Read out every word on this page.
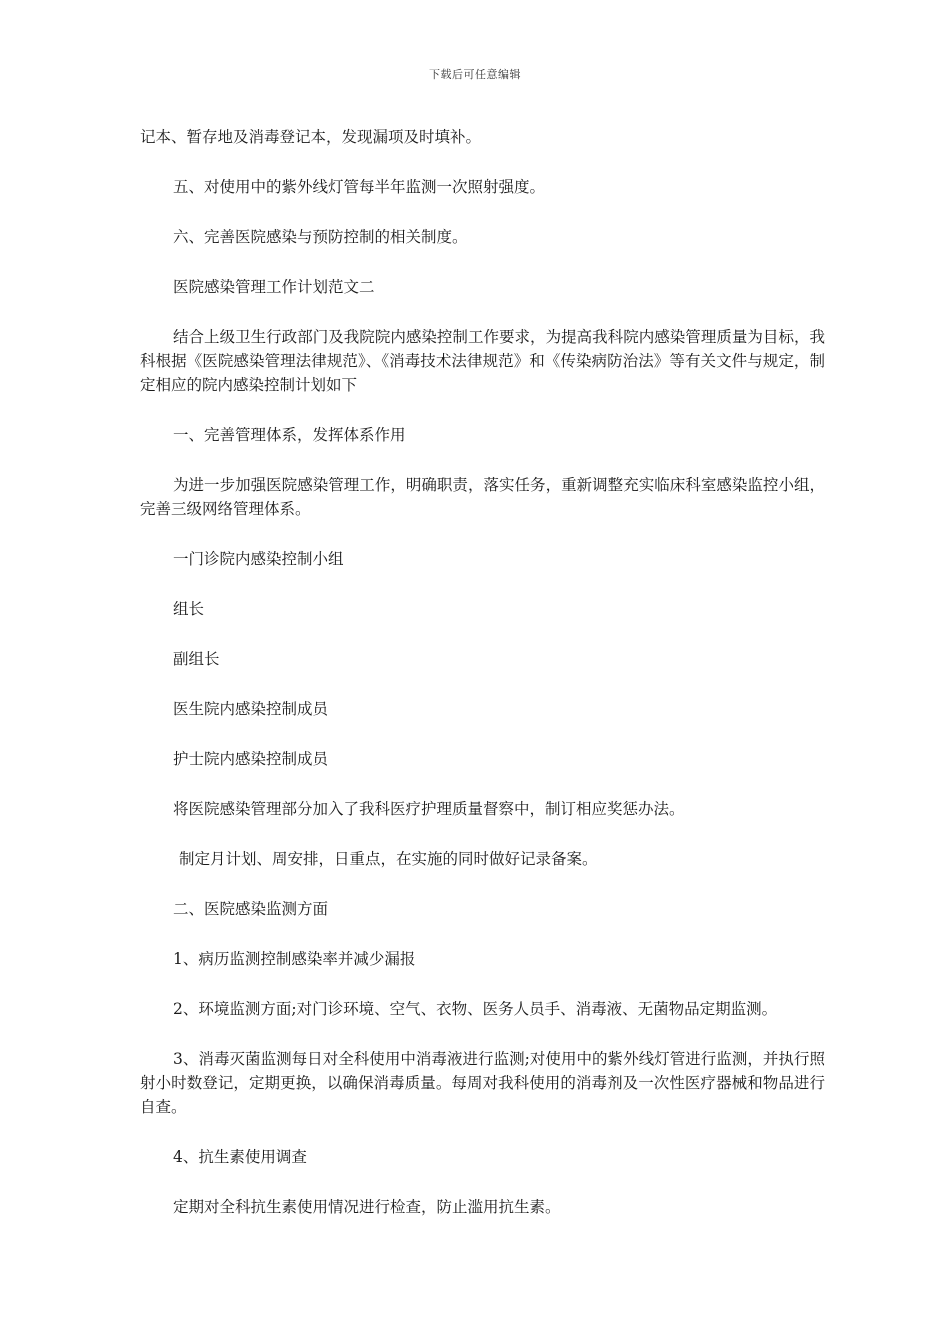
下载后可任意编辑

记本、暂存地及消毒登记本，发现漏项及时填补。

五、对使用中的紫外线灯管每半年监测一次照射强度。

六、完善医院感染与预防控制的相关制度。

医院感染管理工作计划范文二

结合上级卫生行政部门及我院院内感染控制工作要求，为提高我科院内感染管理质量为目标，我科根据《医院感染管理法律规范》、《消毒技术法律规范》和《传染病防治法》等有关文件与规定，制定相应的院内感染控制计划如下

一、完善管理体系，发挥体系作用

为进一步加强医院感染管理工作，明确职责，落实任务，重新调整充实临床科室感染监控小组，完善三级网络管理体系。

一门诊院内感染控制小组

组长

副组长

医生院内感染控制成员

护士院内感染控制成员

将医院感染管理部分加入了我科医疗护理质量督察中，制订相应奖惩办法。

制定月计划、周安排，日重点，在实施的同时做好记录备案。

二、医院感染监测方面

1、病历监测控制感染率并减少漏报

2、环境监测方面;对门诊环境、空气、衣物、医务人员手、消毒液、无菌物品定期监测。

3、消毒灭菌监测每日对全科使用中消毒液进行监测;对使用中的紫外线灯管进行监测，并执行照射小时数登记，定期更换，以确保消毒质量。每周对我科使用的消毒剂及一次性医疗器械和物品进行自查。

4、抗生素使用调查

定期对全科抗生素使用情况进行检查，防止滥用抗生素。
